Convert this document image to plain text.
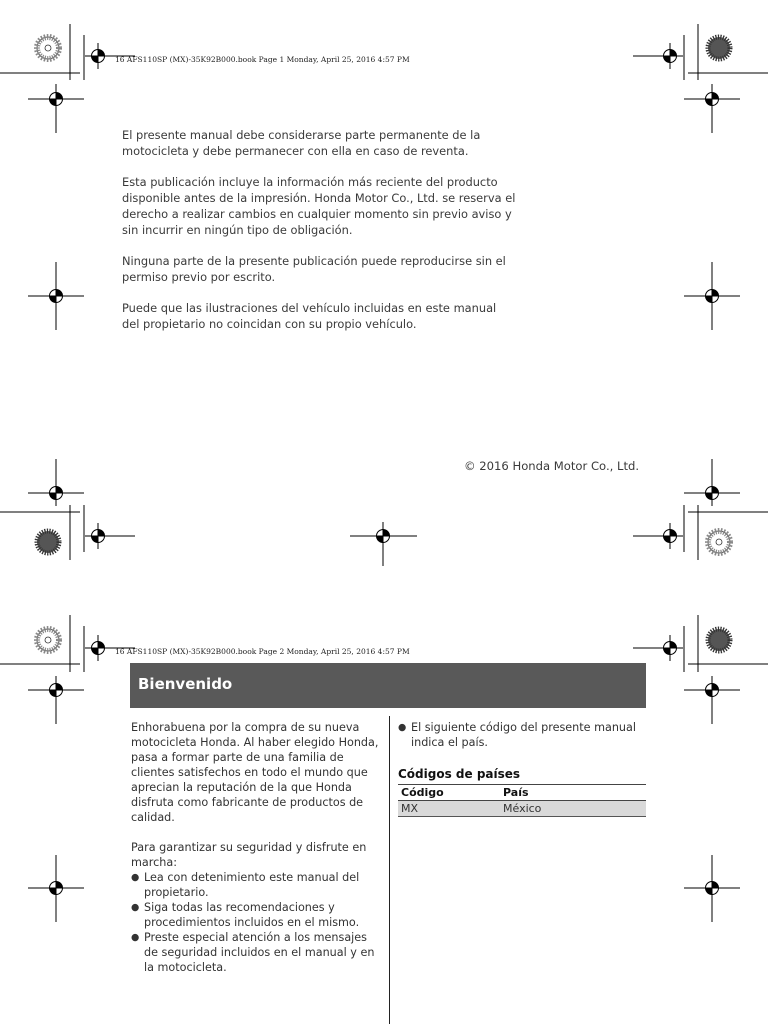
16 AFS110SP (MX)-35K92B000.book Page 1 Monday, April 25, 2016 4:57 PM

El presente manual debe considerarse parte permanente de la motocicleta y debe permanecer con ella en caso de reventa.

Esta publicación incluye la información más reciente del producto disponible antes de la impresión. Honda Motor Co., Ltd. se reserva el derecho a realizar cambios en cualquier momento sin previo aviso y sin incurrir en ningún tipo de obligación.

Ninguna parte de la presente publicación puede reproducirse sin el permiso previo por escrito.

Puede que las ilustraciones del vehículo incluidas en este manual del propietario no coincidan con su propio vehículo.

© 2016 Honda Motor Co., Ltd.
16 AFS110SP (MX)-35K92B000.book Page 2 Monday, April 25, 2016 4:57 PM
Bienvenido

Enhorabuena por la compra de su nueva motocicleta Honda. Al haber elegido Honda, pasa a formar parte de una familia de clientes satisfechos en todo el mundo que aprecian la reputación de la que Honda disfruta como fabricante de productos de calidad.

Para garantizar su seguridad y disfrute en marcha:

● Lea con detenimiento este manual del propietario.
● Siga todas las recomendaciones y procedimientos incluidos en el mismo.
● Preste especial atención a los mensajes de seguridad incluidos en el manual y en la motocicleta.
● El siguiente código del presente manual indica el país.
Códigos de países
Código	País
MX	México
